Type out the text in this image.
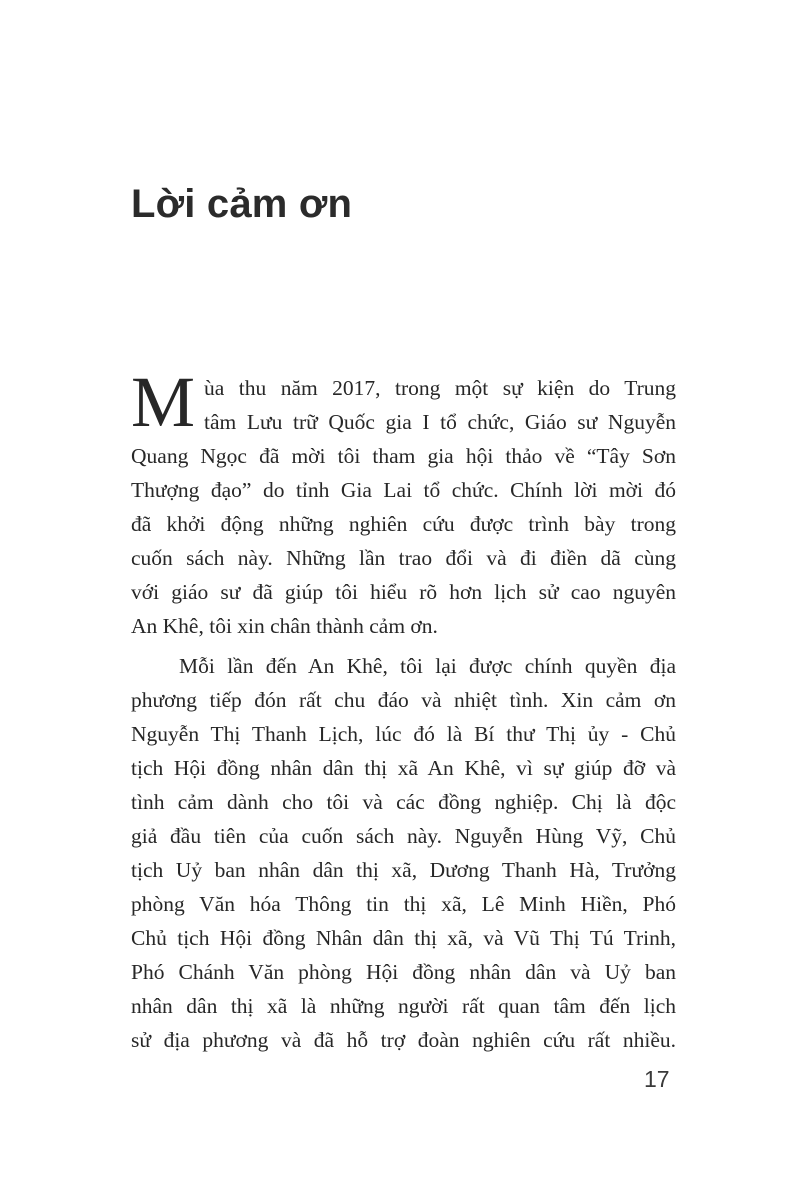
Lời cảm ơn
M ùa thu năm 2017, trong một sự kiện do Trung
tâm Lưu trữ Quốc gia I tổ chức, Giáo sư Nguyễn
Quang Ngọc đã mời tôi tham gia hội thảo về “Tây Sơn
Thượng đạo” do tỉnh Gia Lai tổ chức. Chính lời mời đó
đã khởi động những nghiên cứu được trình bày trong
cuốn sách này. Những lần trao đổi và đi điền dã cùng
với giáo sư đã giúp tôi hiểu rõ hơn lịch sử cao nguyên
An Khê, tôi xin chân thành cảm ơn.
Mỗi lần đến An Khê, tôi lại được chính quyền địa
phương tiếp đón rất chu đáo và nhiệt tình. Xin cảm ơn
Nguyễn Thị Thanh Lịch, lúc đó là Bí thư Thị ủy - Chủ
tịch Hội đồng nhân dân thị xã An Khê, vì sự giúp đỡ và
tình cảm dành cho tôi và các đồng nghiệp. Chị là độc
giả đầu tiên của cuốn sách này. Nguyễn Hùng Vỹ, Chủ
tịch Uỷ ban nhân dân thị xã, Dương Thanh Hà, Trưởng
phòng Văn hóa Thông tin thị xã, Lê Minh Hiền, Phó
Chủ tịch Hội đồng Nhân dân thị xã, và Vũ Thị Tú Trinh,
Phó Chánh Văn phòng Hội đồng nhân dân và Uỷ ban
nhân dân thị xã là những người rất quan tâm đến lịch
sử địa phương và đã hỗ trợ đoàn nghiên cứu rất nhiều.
17
